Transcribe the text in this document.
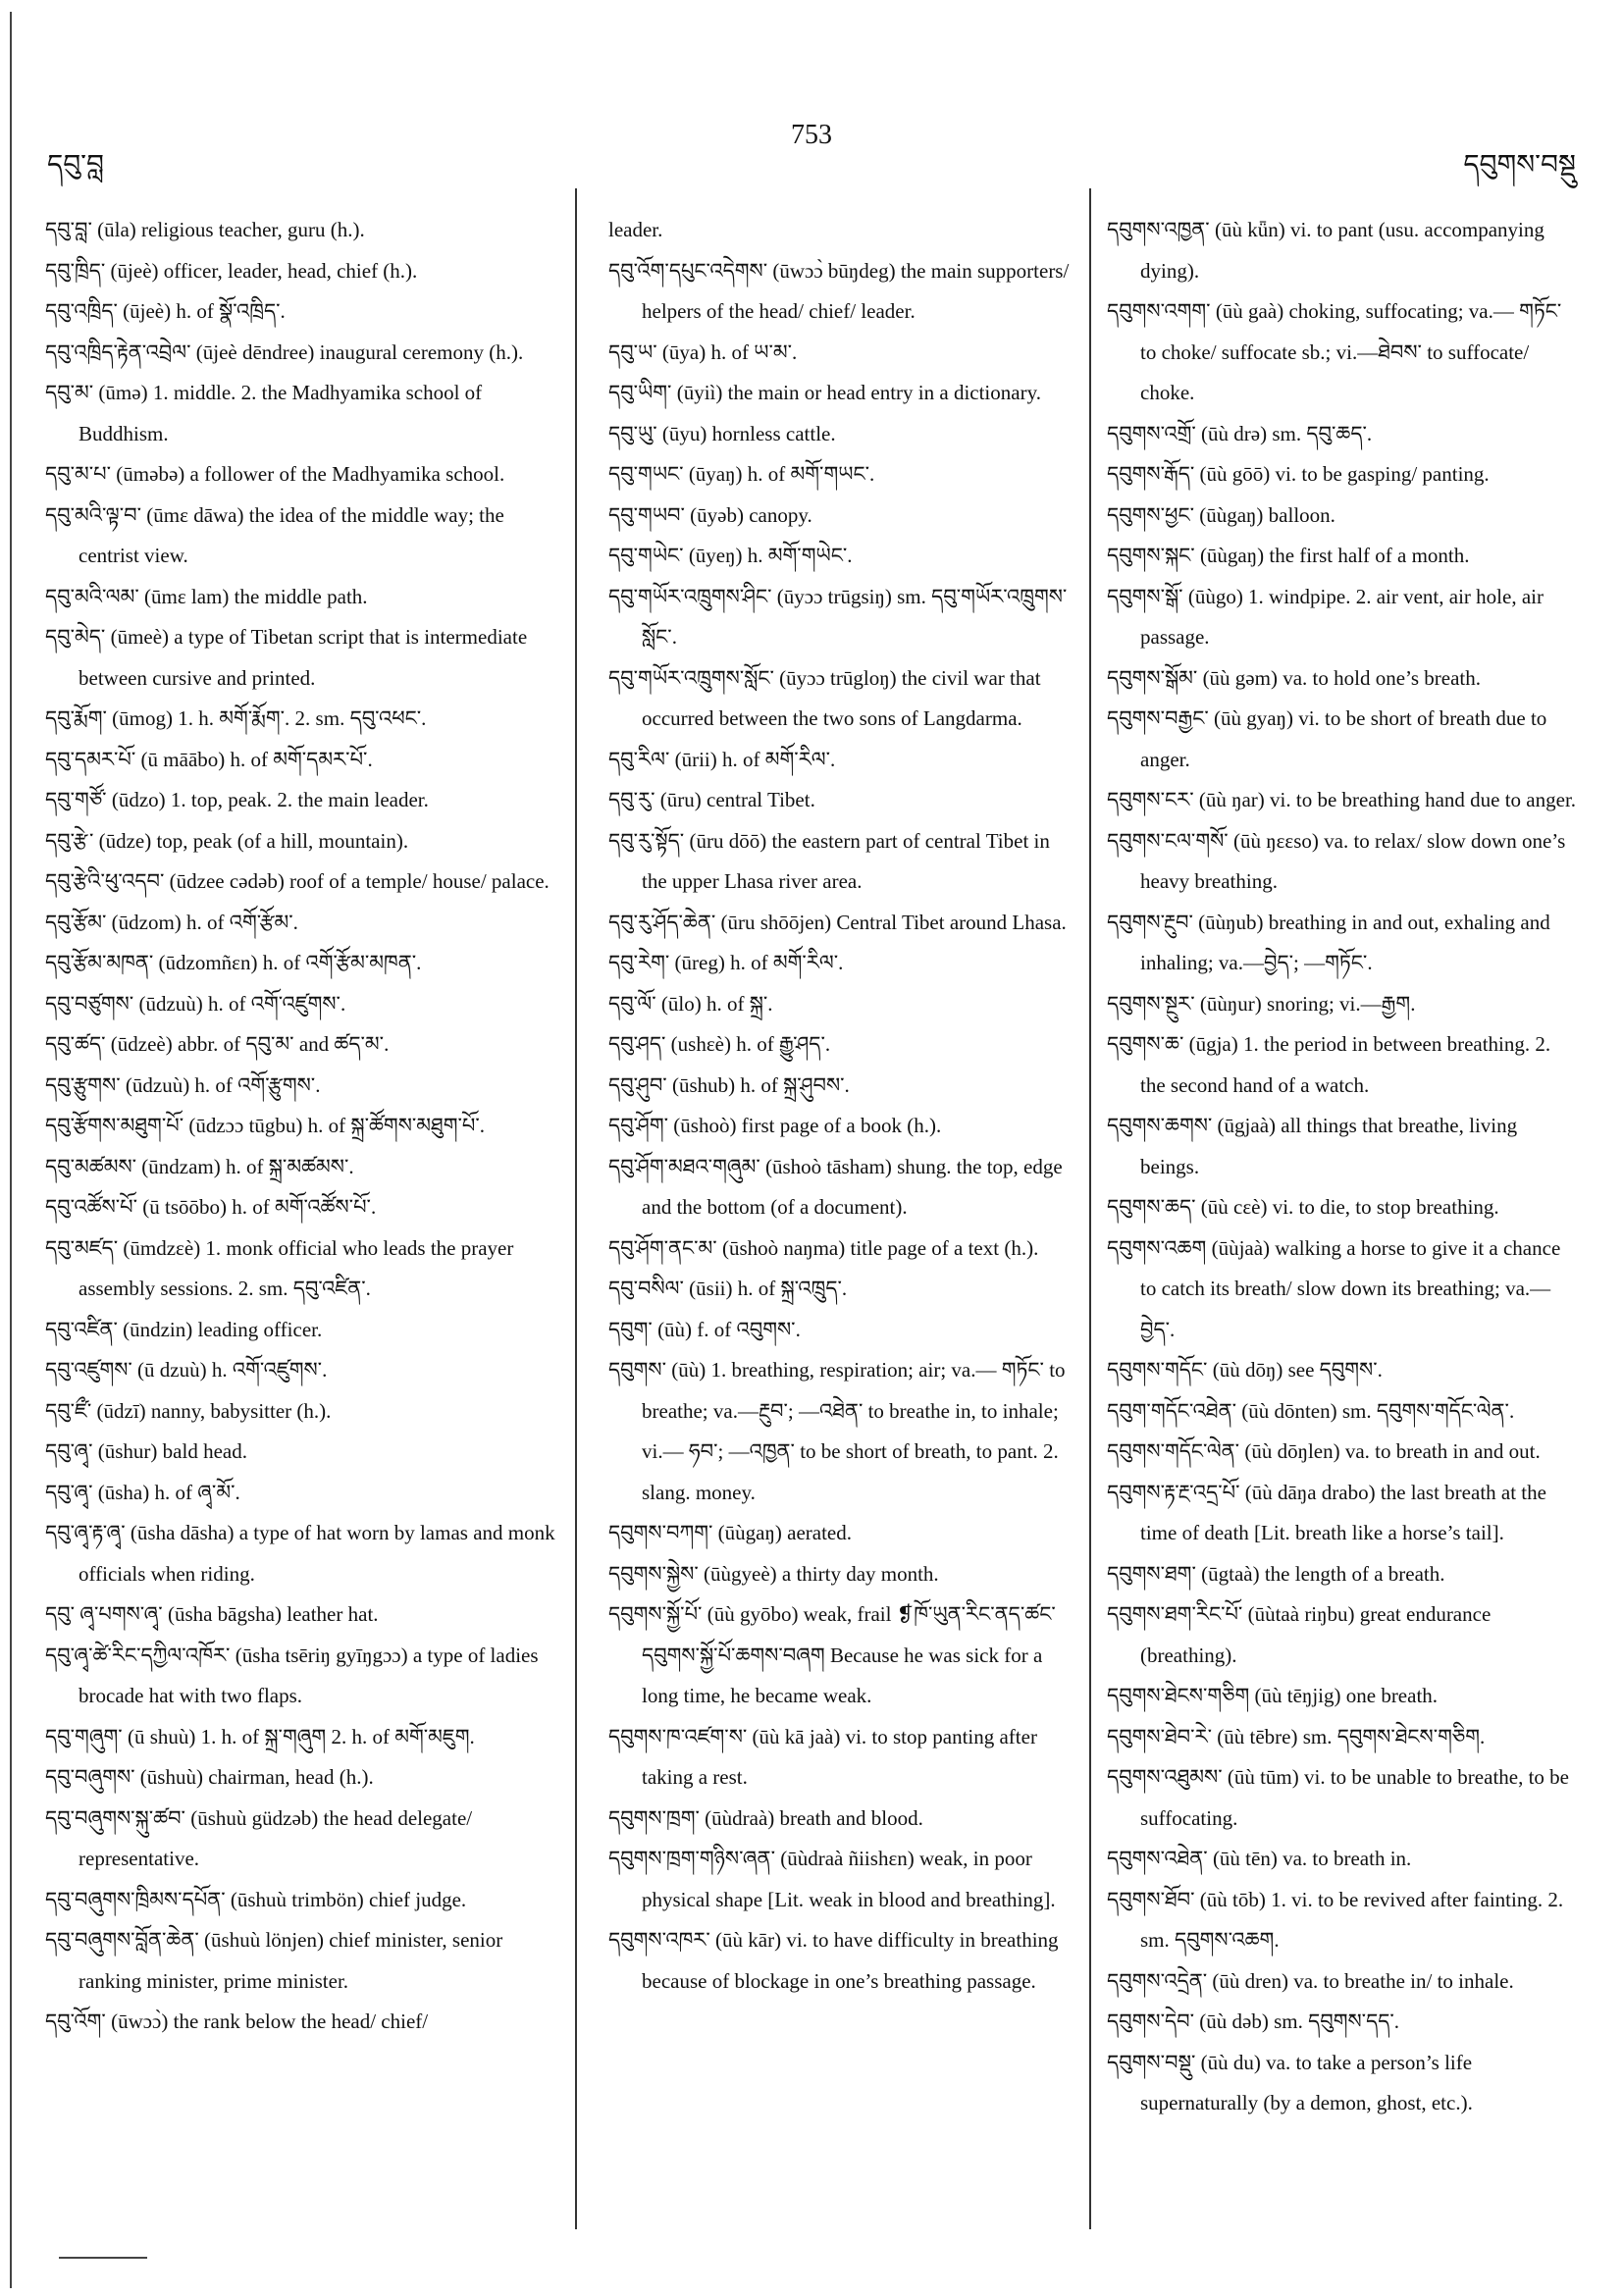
དབུ་བླ
753
དབུགས་བསྡུ

དབུ་བླ་ (ūla) religious teacher, guru (h.).

དབུ་ཁྲིད་ (ūjeè) officer, leader, head, chief (h.).

དབུ་འཁྲིད་ (ūjeè) h. of སྣོ་འཁྲིད་.

དབུ་འཁྲིད་རྟེན་འབྲེལ་ (ūjeè dēndree) inaugural ceremony (h.).

དབུ་མ་ (ūmə) 1. middle. 2. the Madhyamika school of Buddhism.

དབུ་མ་པ་ (ūməbə) a follower of the Madhyamika school.

དབུ་མའི་ལྟ་བ་ (ūmɛ dāwa) the idea of the middle way; the centrist view.

དབུ་མའི་ལམ་ (ūmɛ lam) the middle path.

དབུ་མེད་ (ūmeè) a type of Tibetan script that is intermediate between cursive and printed.

དབུ་རྨོག་ (ūmog) 1. h. མགོ་རྨོག་. 2. sm. དབུ་འཕང་.

དབུ་དམར་པོ་ (ū māābo) h. of མགོ་དམར་པོ་.

དབུ་གཙོ་ (ūdzo) 1. top, peak. 2. the main leader.

དབུ་རྩེ་ (ūdze) top, peak (of a hill, mountain).

དབུ་རྩེའི་ཕུ་འདབ་ (ūdzee cədəb) roof of a temple/ house/ palace.

དབུ་རྩོམ་ (ūdzom) h. of འགོ་རྩོམ་.

དབུ་རྩོམ་མཁན་ (ūdzomñɛn) h. of འགོ་རྩོམ་མཁན་.

དབུ་བཙུགས་ (ūdzuù) h. of འགོ་འཛུགས་.

དབུ་ཚད་ (ūdzeè) abbr. of དབུ་མ་ and ཚད་མ་.

དབུ་རྩུགས་ (ūdzuù) h. of འགོ་རྩུགས་.

དབུ་རྩོགས་མཐུག་པོ་ (ūdzɔɔ tūgbu) h. of སྐྲ་ཚོགས་མཐུག་པོ་.

དབུ་མཚམས་ (ūndzam) h. of སྐྲ་མཚམས་.

དབུ་འཚོས་པོ་ (ū tsōōbo) h. of མགོ་འཚོས་པོ་.

དབུ་མཛད་ (ūmdzɛè) 1. monk official who leads the prayer assembly sessions. 2. sm. དབུ་འཛིན་.

དབུ་འཛིན་ (ūndzin) leading officer.

དབུ་འཛུགས་ (ū dzuù) h. འགོ་འཛུགས་.

དབུ་ཛྀ་ (ūdzī) nanny, babysitter (h.).

དབུ་ཞྭ་ (ūshur) bald head.

དབུ་ཞྭ་ (ūsha) h. of ཞྭ་མོ་.

དབུ་ཞྭ་རྟ་ཞྭ་ (ūsha dāsha) a type of hat worn by lamas and monk officials when riding.

དབུ་ ཞྭ་པགས་ཞྭ་ (ūsha bāgsha) leather hat.

དབུ་ཞྭ་ཚེ་རིང་དཀྱིལ་འཁོར་ (ūsha tsēriŋ gyīŋgɔɔ) a type of ladies brocade hat with two flaps.

དབུ་གཞུག་ (ū shuù) 1. h. of སྐྲ་གཞུག 2. h. of མགོ་མཇུག.

དབུ་བཞུགས་ (ūshuù) chairman, head (h.).

དབུ་བཞུགས་སྐུ་ཚབ་ (ūshuù güdzəb) the head delegate/ representative.

དབུ་བཞུགས་ཁྲིམས་དཔོན་ (ūshuù trimbön) chief judge.

དབུ་བཞུགས་བློན་ཆེན་ (ūshuù lönjen) chief minister, senior ranking minister, prime minister.

དབུ་འོག་ (ūwɔɔ̀) the rank below the head/ chief/

leader.

དབུ་འོག་དཔུང་འདེགས་ (ūwɔɔ̀ būŋdeg) the main supporters/ helpers of the head/ chief/ leader.

དབུ་ཡ་ (ūya) h. of ཡ་མ་.

དབུ་ཡིག་ (ūyiì) the main or head entry in a dictionary.

དབུ་ཡུ་ (ūyu) hornless cattle.

དབུ་གཡང་ (ūyaŋ) h. of མགོ་གཡང་.

དབུ་གཡབ་ (ūyəb) canopy.

དབུ་གཡེང་ (ūyeŋ) h. མགོ་གཡེང་.

དབུ་གཡོར་འཁྲུགས་ཤིང་ (ūyɔɔ trūgsiŋ) sm. དབུ་གཡོར་འཁྲུགས་སློང་.

དབུ་གཡོར་འཁྲུགས་སློང་ (ūyɔɔ trūgloŋ) the civil war that occurred between the two sons of Langdarma.

དབུ་རིལ་ (ūrii) h. of མགོ་རིལ་.

དབུ་རུ་ (ūru) central Tibet.

དབུ་རུ་སྟོད་ (ūru dōō) the eastern part of central Tibet in the upper Lhasa river area.

དབུ་རུ་ཤོད་ཆེན་ (ūru shōōjen) Central Tibet around Lhasa.

དབུ་རེག་ (ūreg) h. of མགོ་རིལ་.

དབུ་ལོ་ (ūlo) h. of སྐྲ་.

དབུ་ཤད་ (ushɛè) h. of རྒྱུ་ཤད་.

དབུ་ཤུབ་ (ūshub) h. of སྐྲ་ཤུབས་.

དབུ་ཤོག་ (ūshoò) first page of a book (h.).

དབུ་ཤོག་མཐའ་གཞུམ་ (ūshoò tāsham) shung. the top, edge and the bottom (of a document).

དབུ་ཤོག་ནང་མ་ (ūshoò naŋma) title page of a text (h.).

དབུ་བསིལ་ (ūsii) h. of སྐྲ་འཁྲུད་.

དབུག་ (ūù) f. of འབུགས་.

དབུགས་ (ūù) 1. breathing, respiration; air; va.— གཏོང་ to breathe; va.—རྔུབ་; —འཐེན་ to breathe in, to inhale; vi.— ཧབ་; —འཁྱན་ to be short of breath, to pant. 2. slang. money.

དབུགས་བཀག་ (ūùgaŋ) aerated.

དབུགས་སྐྱེས་ (ūùgyeè) a thirty day month.

དབུགས་སྐྱོ་པོ་ (ūù gyōbo) weak, frail ❡ཁོ་ཡུན་རིང་ནད་ཚང་དབུགས་སྐྱོ་པོ་ཆགས་བཞག Because he was sick for a long time, he became weak.

དབུགས་ཁ་འཛག་ས་ (ūù kā jaà) vi. to stop panting after taking a rest.

དབུགས་ཁྲག་ (ūùdraà) breath and blood.

དབུགས་ཁྲག་གཉིས་ཞན་ (ūùdraà ñiishɛn) weak, in poor physical shape [Lit. weak in blood and breathing].

དབུགས་འཁར་ (ūù kār) vi. to have difficulty in breathing because of blockage in one’s breathing passage.

དབུགས་འཁྱན་ (ūù kǖn) vi. to pant (usu. accompanying dying).

དབུགས་འགག་ (ūù gaà) choking, suffocating; va.— གཏོང་ to choke/ suffocate sb.; vi.—ཐེབས་ to suffocate/ choke.

དབུགས་འགྲོ་ (ūù drə) sm. དབུ་ཆད་.

དབུགས་རྒོད་ (ūù gōō) vi. to be gasping/ panting.

དབུགས་ཕྱང་ (ūùgaŋ) balloon.

དབུགས་སྐང་ (ūùgaŋ) the first half of a month.

དབུགས་སྒོ་ (ūùgo) 1. windpipe. 2. air vent, air hole, air passage.

དབུགས་སྒོམ་ (ūù gəm) va. to hold one’s breath.

དབུགས་བརྒྱང་ (ūù gyaŋ) vi. to be short of breath due to anger.

དབུགས་ངར་ (ūù ŋar) vi. to be breathing hand due to anger.

དབུགས་ངལ་གསོ་ (ūù ŋɛɛso) va. to relax/ slow down one’s heavy breathing.

དབུགས་རྔུབ་ (ūùŋub) breathing in and out, exhaling and inhaling; va.—བྱེད་; —གཏོང་.

དབུགས་སྔུར་ (ūùŋur) snoring; vi.—རྒྱག.

དབུགས་ཆ་ (ūgja) 1. the period in between breathing. 2. the second hand of a watch.

དབུགས་ཆགས་ (ūgjaà) all things that breathe, living beings.

དབུགས་ཆད་ (ūù cɛè) vi. to die, to stop breathing.

དབུགས་འཆག (ūùjaà) walking a horse to give it a chance to catch its breath/ slow down its breathing; va.—བྱེད་.

དབུགས་གདོང་ (ūù dōŋ) see དབུགས་.

དབུག་གདོང་འཐེན་ (ūù dōnten) sm. དབུགས་གདོང་ལེན་.

དབུགས་གདོང་ལེན་ (ūù dōŋlen) va. to breath in and out.

དབུགས་རྟ་རྔ་འདྲ་པོ་ (ūù dāŋa drabo) the last breath at the time of death [Lit. breath like a horse’s tail].

དབུགས་ཐག་ (ūgtaà) the length of a breath.

དབུགས་ཐག་རིང་པོ་ (ūùtaà riŋbu) great endurance (breathing).

དབུགས་ཐེངས་གཅིག (ūù tēŋjig) one breath.

དབུགས་ཐེབ་རེ་ (ūù tēbre) sm. དབུགས་ཐེངས་གཅིག.

དབུགས་འཐུམས་ (ūù tūm) vi. to be unable to breathe, to be suffocating.

དབུགས་འཐེན་ (ūù tēn) va. to breath in.

དབུགས་ཐོབ་ (ūù tōb) 1. vi. to be revived after fainting. 2. sm. དབུགས་འཆག.

དབུགས་འདྲེན་ (ūù dren) va. to breathe in/ to inhale.

དབུགས་དེབ་ (ūù dəb) sm. དབུགས་དད་.

དབུགས་བསྡུ་ (ūù du) va. to take a person’s life supernaturally (by a demon, ghost, etc.).
